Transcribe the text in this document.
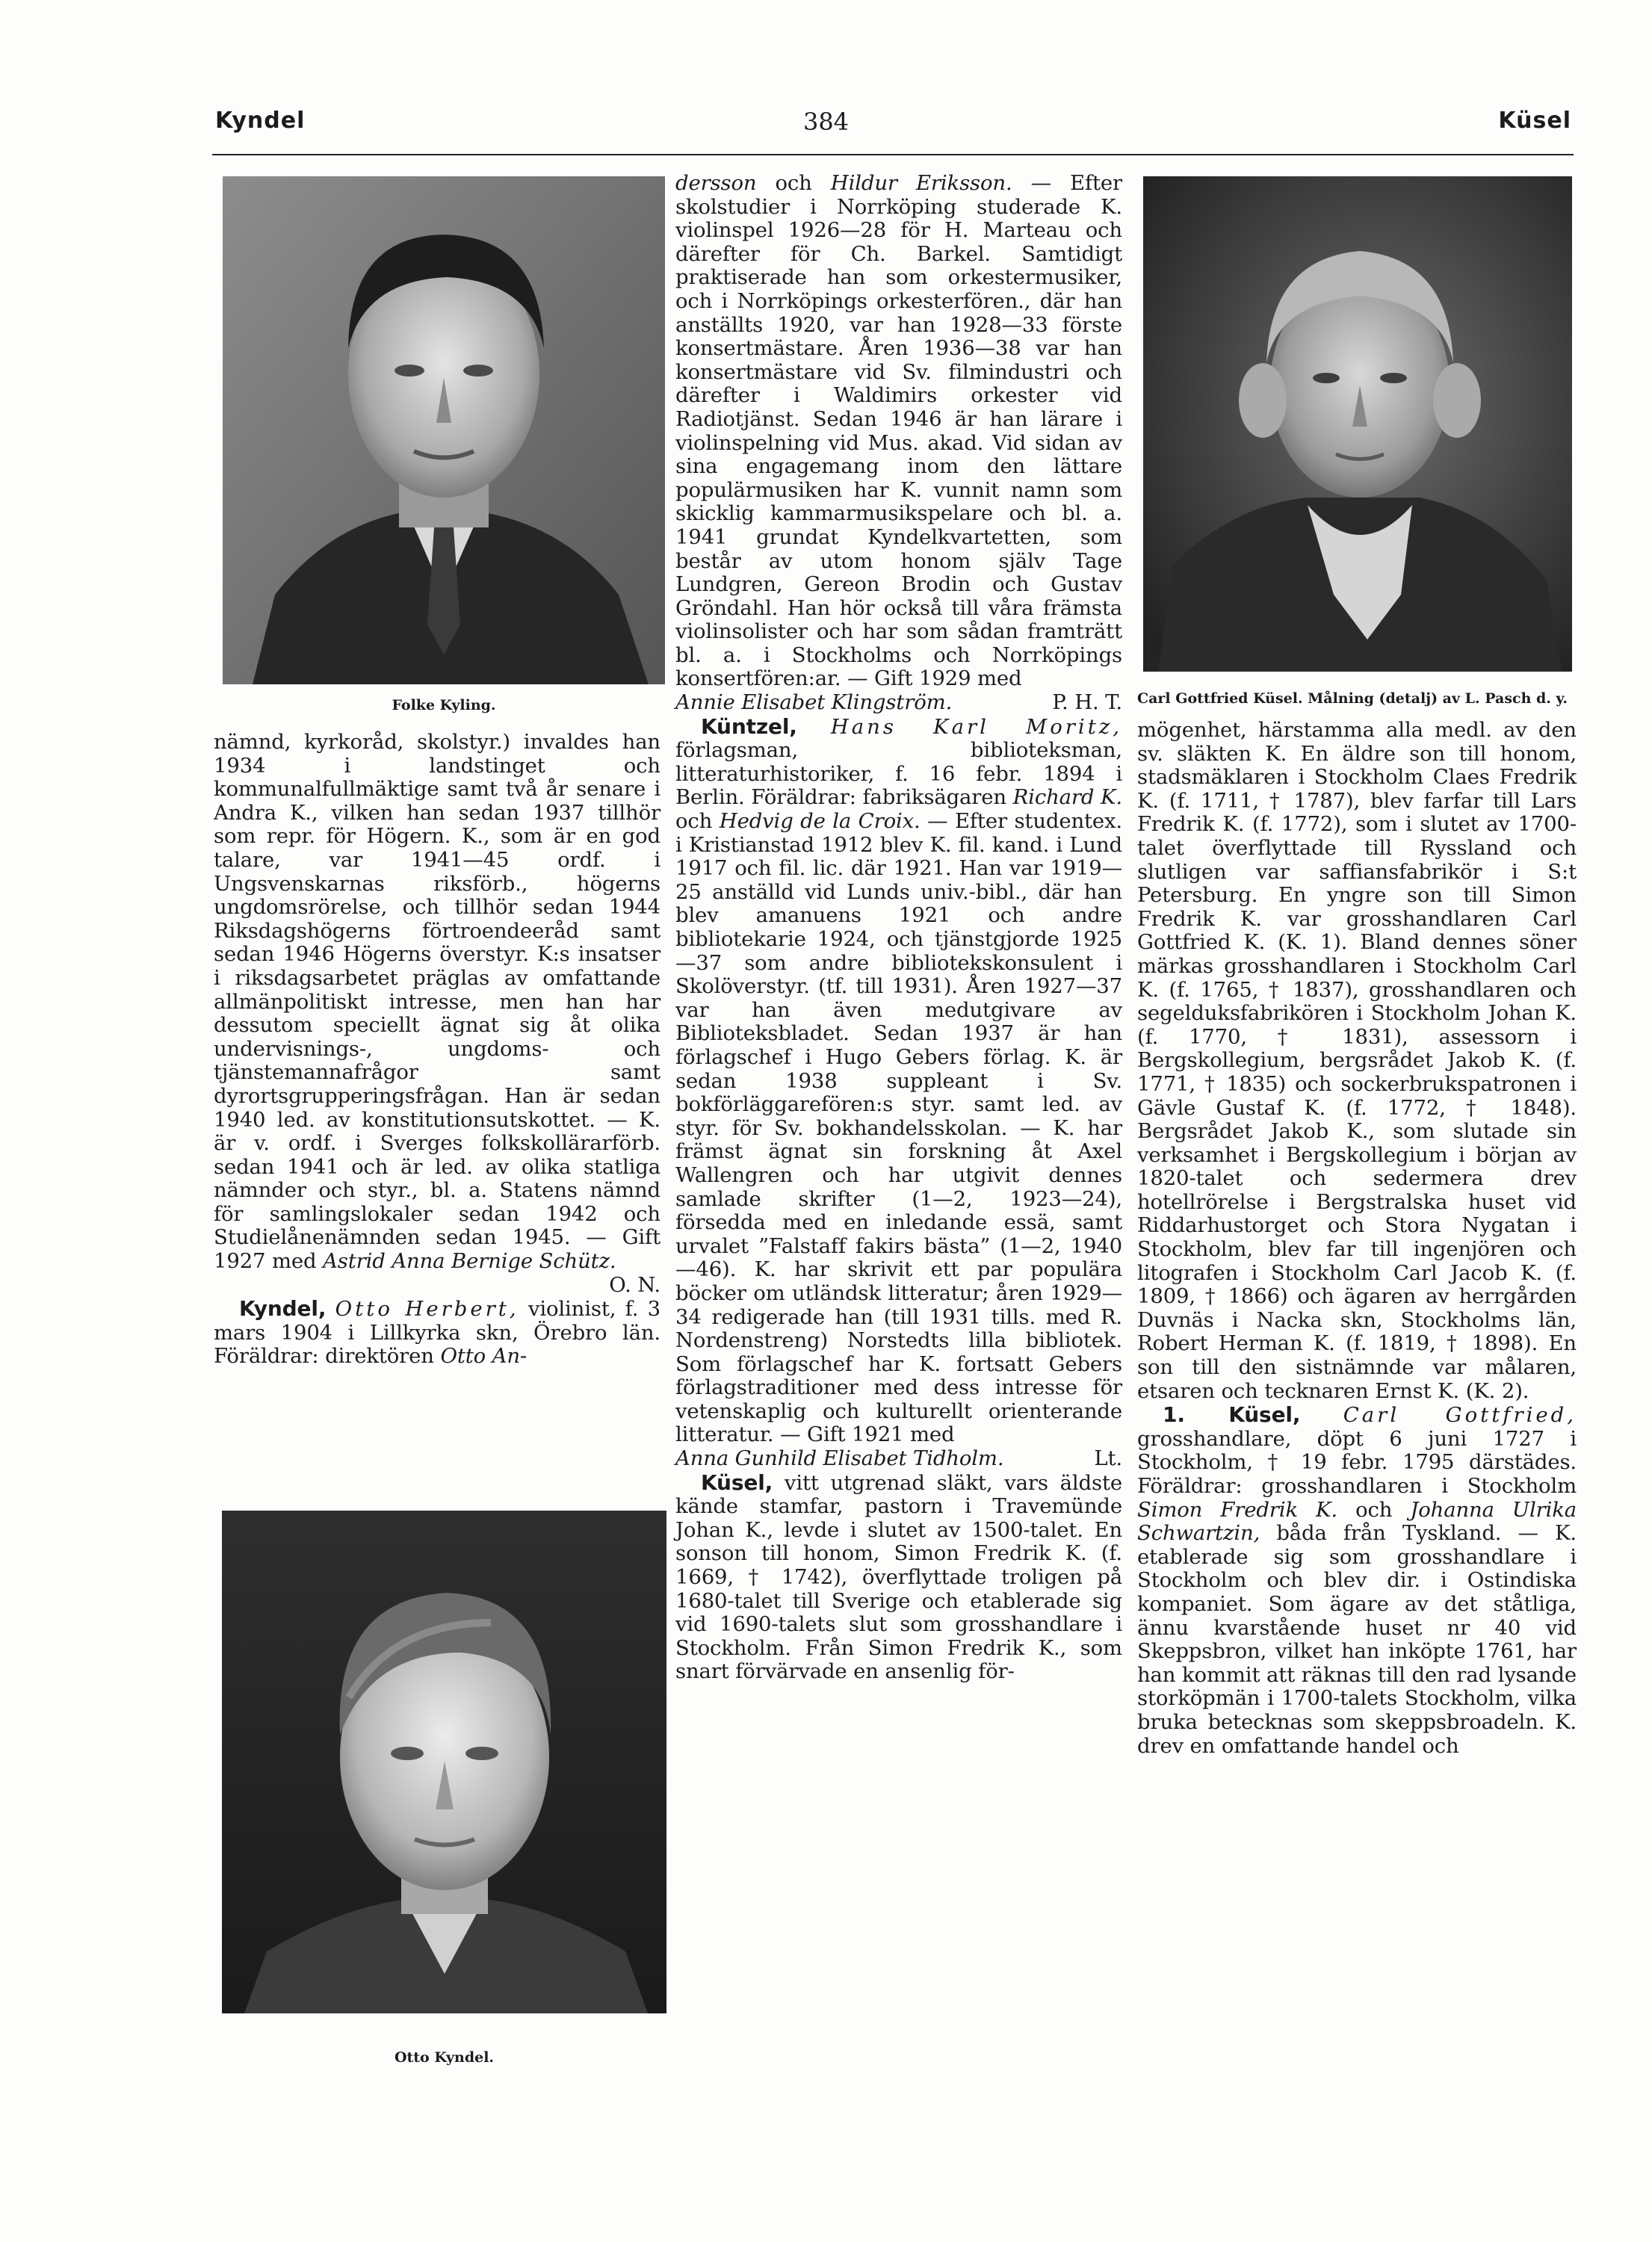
Kyndel	384	Küsel
Folke Kyling.

nämnd, kyrkoråd, skolstyr.) invaldes han 1934 i landstinget och kommunalfullmäktige samt två år senare i Andra K., vilken han sedan 1937 tillhör som repr. för Högern. K., som är en god talare, var 1941—45 ordf. i Ungsvenskarnas riksförb., högerns ungdomsrörelse, och tillhör sedan 1944 Riksdagshögerns förtroendeeråd samt sedan 1946 Högerns överstyr. K:s insatser i riksdagsarbetet präglas av omfattande allmänpolitiskt intresse, men han har dessutom speciellt ägnat sig åt olika undervisnings-, ungdoms- och tjänstemannafrågor samt dyrortsgrupperingsfrågan. Han är sedan 1940 led. av konstitutionsutskottet. — K. är v. ordf. i Sverges folkskollärarförb. sedan 1941 och är led. av olika statliga nämnder och styr., bl. a. Statens nämnd för samlingslokaler sedan 1942 och Studielånenämnden sedan 1945. — Gift 1927 med Astrid Anna Bernige Schütz.
O. N.

Kyndel, Otto Herbert, violinist, f. 3 mars 1904 i Lillkyrka skn, Örebro län. Föräldrar: direktören Otto An-

Otto Kyndel.

dersson och Hildur Eriksson. — Efter skolstudier i Norrköping studerade K. violinspel 1926—28 för H. Marteau och därefter för Ch. Barkel. Samtidigt praktiserade han som orkestermusiker, och i Norrköpings orkesterfören., där han anställts 1920, var han 1928—33 förste konsertmästare. Åren 1936—38 var han konsertmästare vid Sv. filmindustri och därefter i Waldimirs orkester vid Radiotjänst. Sedan 1946 är han lärare i violinspelning vid Mus. akad. Vid sidan av sina engagemang inom den lättare populärmusiken har K. vunnit namn som skicklig kammarmusikspelare och bl. a. 1941 grundat Kyndelkvartetten, som består av utom honom själv Tage Lundgren, Gereon Brodin och Gustav Gröndahl. Han hör också till våra främsta violinsolister och har som sådan framträtt bl. a. i Stockholms och Norrköpings konsertfören:ar. — Gift 1929 med

Annie Elisabet Klingström.	P. H. T.

Küntzel, Hans Karl Moritz, förlagsman, biblioteksman, litteraturhistoriker, f. 16 febr. 1894 i Berlin. Föräldrar: fabriksägaren Richard K. och Hedvig de la Croix. — Efter studentex. i Kristianstad 1912 blev K. fil. kand. i Lund 1917 och fil. lic. där 1921. Han var 1919—25 anställd vid Lunds univ.-bibl., där han blev amanuens 1921 och andre bibliotekarie 1924, och tjänstgjorde 1925—37 som andre bibliotekskonsulent i Skolöverstyr. (tf. till 1931). Åren 1927—37 var han även medutgivare av Biblioteksbladet. Sedan 1937 är han förlagschef i Hugo Gebers förlag. K. är sedan 1938 suppleant i Sv. bokförläggareförеn:s styr. samt led. av styr. för Sv. bokhandelsskolan. — K. har främst ägnat sin forskning åt Axel Wallengren och har utgivit dennes samlade skrifter (1—2, 1923—24), försedda med en inledande essä, samt urvalet ”Falstaff fakirs bästa” (1—2, 1940—46). K. har skrivit ett par populära böcker om utländsk litteratur; åren 1929—34 redigerade han (till 1931 tills. med R. Nordenstreng) Norstedts lilla bibliotek. Som förlagschef har K. fortsatt Gebers förlagstraditioner med dess intresse för vetenskaplig och kulturellt orienterande litteratur. — Gift 1921 med

Anna Gunhild Elisabet Tidholm.	Lt.

Küsel, vitt utgrenad släkt, vars äldste kände stamfar, pastorn i Travemünde Johan K., levde i slutet av 1500-talet. En sonson till honom, Simon Fredrik K. (f. 1669, † 1742), överflyttade troligen på 1680-talet till Sverige och etablerade sig vid 1690-talets slut som grosshandlare i Stockholm. Från Simon Fredrik K., som snart förvärvade en ansenlig för-

Carl Gottfried Küsel. Målning (detalj) av L. Pasch d. y.

mögenhet, härstamma alla medl. av den sv. släkten K. En äldre son till honom, stadsmäklaren i Stockholm Claes Fredrik K. (f. 1711, † 1787), blev farfar till Lars Fredrik K. (f. 1772), som i slutet av 1700-talet överflyttade till Ryssland och slutligen var saffiansfabrikör i S:t Petersburg. En yngre son till Simon Fredrik K. var grosshandlaren Carl Gottfried K. (K. 1). Bland dennes söner märkas grosshandlaren i Stockholm Carl K. (f. 1765, † 1837), grosshandlaren och segelduksfabrikören i Stockholm Johan K. (f. 1770, † 1831), assessorn i Bergskollegium, bergsrådet Jakob K. (f. 1771, † 1835) och sockerbrukspatronen i Gävle Gustaf K. (f. 1772, † 1848). Bergsrådet Jakob K., som slutade sin verksamhet i Bergskollegium i början av 1820-talet och sedermera drev hotellrörelse i Bergstralska huset vid Riddarhustorget och Stora Nygatan i Stockholm, blev far till ingenjören och litografen i Stockholm Carl Jacob K. (f. 1809, † 1866) och ägaren av herrgården Duvnäs i Nacka skn, Stockholms län, Robert Herman K. (f. 1819, † 1898). En son till den sistnämnde var målaren, etsaren och tecknaren Ernst K. (K. 2).

1. Küsel, Carl Gottfried, grosshandlare, döpt 6 juni 1727 i Stockholm, † 19 febr. 1795 därstädes. Föräldrar: grosshandlaren i Stockholm Simon Fredrik K. och Johanna Ulrika Schwartzin, båda från Tyskland. — K. etablerade sig som grosshandlare i Stockholm och blev dir. i Ostindiska kompaniet. Som ägare av det ståtliga, ännu kvarstående huset nr 40 vid Skeppsbron, vilket han inköpte 1761, har han kommit att räknas till den rad lysande storköpmän i 1700-talets Stockholm, vilka bruka betecknas som skeppsbroadeln. K. drev en omfattande handel och
